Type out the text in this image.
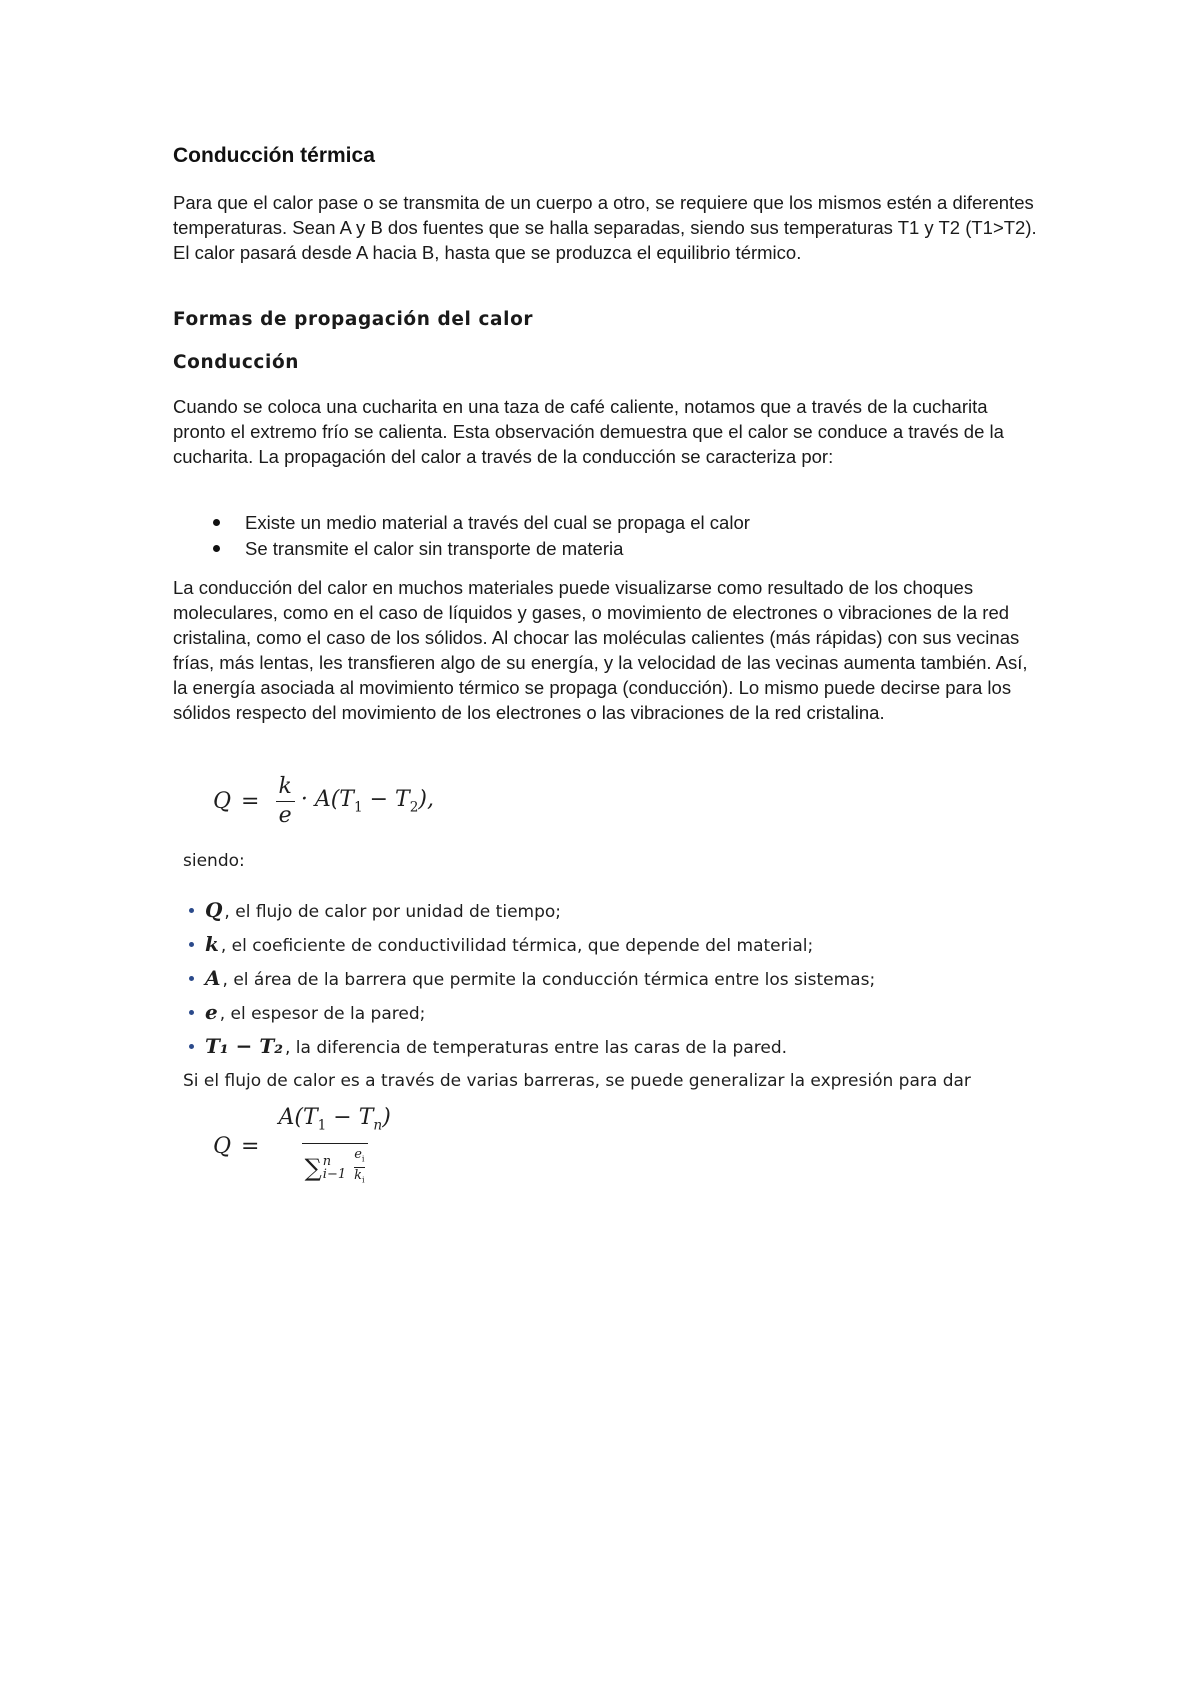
Conducción térmica

Para que el calor pase o se transmita de un cuerpo a otro, se requiere que los mismos estén a diferentes temperaturas. Sean A y B dos fuentes que se halla separadas, siendo sus temperaturas T1 y T2 (T1>T2). El calor pasará desde A hacia B, hasta que se produzca el equilibrio térmico.

Formas de propagación del calor
Conducción

Cuando se coloca una cucharita en una taza de café caliente, notamos que a través de la cucharita pronto el extremo frío se calienta. Esta observación demuestra que el calor se conduce a través de la cucharita. La propagación del calor a través de la conducción se caracteriza por:

Existe un medio material a través del cual se propaga el calor
Se transmite el calor sin transporte de materia

La conducción del calor en muchos materiales puede visualizarse como resultado de los choques moleculares, como en el caso de líquidos y gases, o movimiento de electrones o vibraciones de la red cristalina, como el caso de los sólidos. Al chocar las moléculas calientes (más rápidas) con sus vecinas frías, más lentas, les transfieren algo de su energía, y la velocidad de las vecinas aumenta también. Así, la energía asociada al movimiento térmico se propaga (conducción). Lo mismo puede decirse para los sólidos respecto del movimiento de los electrones o las vibraciones de la red cristalina.

$Q = \frac{k}{e} \cdot A(T_1 - T_2)$,
siendo:
Q , el flujo de calor por unidad de tiempo;
k , el coeficiente de conductivilidad térmica, que depende del material;
A , el área de la barrera que permite la conducción térmica entre los sistemas;
e , el espesor de la pared;
T₁ − T₂ , la diferencia de temperaturas entre las caras de la pared.
Si el flujo de calor es a través de varias barreras, se puede generalizar la expresión para dar
Q =
$A(T_1 - T_n)$
∑ n
i−1
$e_i$
$k_i$
